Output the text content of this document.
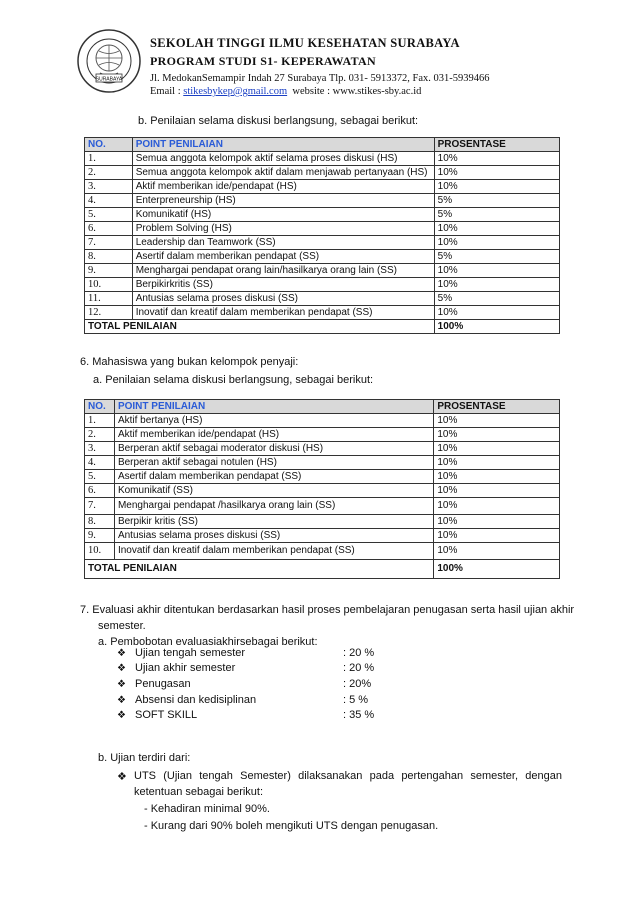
SURABAYA
SEKOLAH TINGGI ILMU KESEHATAN SURABAYA
PROGRAM STUDI S1- KEPERAWATAN
Jl. MedokanSemampir Indah 27 Surabaya Tlp. 031- 5913372, Fax. 031-5939466
Email : stikesbykep@gmail.com website : www.stikes-sby.ac.id
b. Penilaian selama diskusi berlangsung, sebagai berikut:
NO.	POINT PENILAIAN	PROSENTASE
1.	Semua anggota kelompok aktif selama proses diskusi (HS)	10%
2.	Semua anggota kelompok aktif dalam menjawab pertanyaan (HS)	10%
3.	Aktif memberikan ide/pendapat (HS)	10%
4.	Enterpreneurship (HS)	5%
5.	Komunikatif (HS)	5%
6.	Problem Solving (HS)	10%
7.	Leadership dan Teamwork (SS)	10%
8.	Asertif dalam memberikan pendapat (SS)	5%
9.	Menghargai pendapat orang lain/hasilkarya orang lain (SS)	10%
10.	Berpikirkritis (SS)	10%
11.	Antusias selama proses diskusi (SS)	5%
12.	Inovatif dan kreatif dalam memberikan pendapat (SS)	10%
TOTAL PENILAIAN		100%
6. Mahasiswa yang bukan kelompok penyaji:
a. Penilaian selama diskusi berlangsung, sebagai berikut:
NO.	POINT PENILAIAN	PROSENTASE
1.	Aktif bertanya (HS)	10%
2.	Aktif memberikan ide/pendapat (HS)	10%
3.	Berperan aktif sebagai moderator diskusi (HS)	10%
4.	Berperan aktif sebagai notulen (HS)	10%
5.	Asertif dalam memberikan pendapat (SS)	10%
6.	Komunikatif (SS)	10%
7.	Menghargai pendapat /hasilkarya orang lain (SS)	10%
8.	Berpikir kritis (SS)	10%
9.	Antusias selama proses diskusi (SS)	10%
10.	Inovatif dan kreatif dalam memberikan pendapat (SS)	10%
TOTAL PENILAIAN		100%
7. Evaluasi akhir ditentukan berdasarkan hasil proses pembelajaran penugasan serta hasil ujian akhir
semester.
a. Pembobotan evaluasiakhirsebagai berikut:
❖ Ujian tengah semester	: 20 %
❖ Ujian akhir semester	: 20 %
❖ Penugasan	: 20%
❖ Absensi dan kedisiplinan	: 5 %
❖ SOFT SKILL	: 35 %
b. Ujian terdiri dari:
❖ UTS (Ujian tengah Semester) dilaksanakan pada pertengahan semester, dengan
ketentuan sebagai berikut:
- Kehadiran minimal 90%.
- Kurang dari 90% boleh mengikuti UTS dengan penugasan.
